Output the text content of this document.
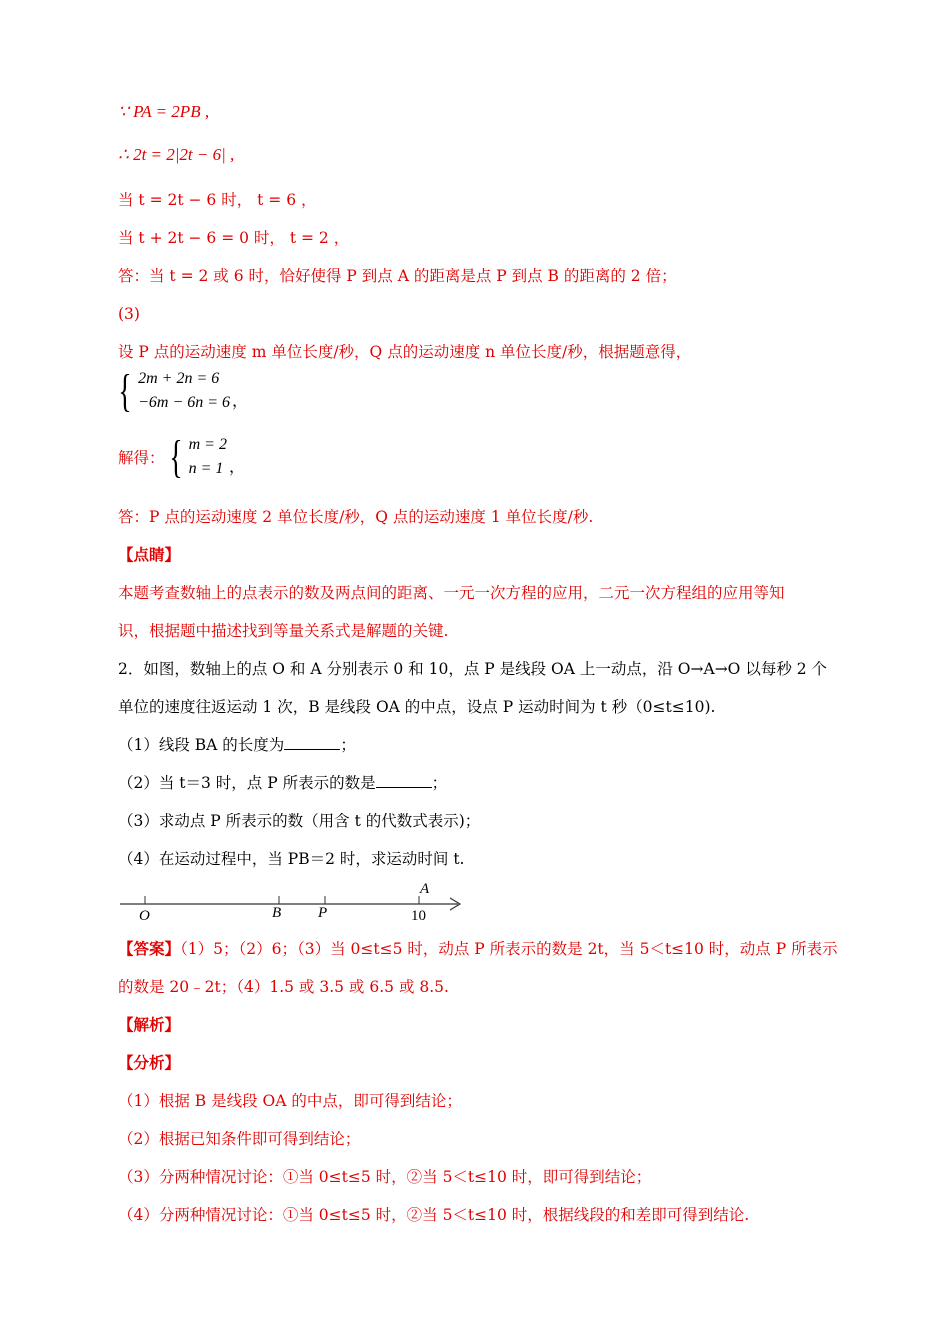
∵ PA = 2PB ,
∴ 2t = 2|2t − 6| ,
当 t = 2t − 6 时， t = 6 ，
当 t + 2t − 6 = 0 时， t = 2 ，
答：当 t = 2 或 6 时，恰好使得 P 到点 A 的距离是点 P 到点 B 的距离的 2 倍；
(3)
设 P 点的运动速度 m 单位长度/秒，Q 点的运动速度 n 单位长度/秒，根据题意得，
{ 2m + 2n = 6
−6m − 6n = 6 ，
解得： { m = 2
n = 1 ，
答：P 点的运动速度 2 单位长度/秒，Q 点的运动速度 1 单位长度/秒.
【点睛】
本题考查数轴上的点表示的数及两点间的距离、一元一次方程的应用，二元一次方程组的应用等知
识，根据题中描述找到等量关系式是解题的关键.
2．如图，数轴上的点 O 和 A 分别表示 0 和 10，点 P 是线段 OA 上一动点，沿 O→A→O 以每秒 2 个
单位的速度往返运动 1 次，B 是线段 OA 的中点，设点 P 运动时间为 t 秒（0≤t≤10).
（1）线段 BA 的长度为	；
（2）当 t＝3 时，点 P 所表示的数是	；
（3）求动点 P 所表示的数（用含 t 的代数式表示)；
（4）在运动过程中，当 PB＝2 时，求运动时间 t.
O	B P
A
10
【答案】（1）5；（2）6；（3）当 0≤t≤5 时，动点 P 所表示的数是 2t，当 5＜t≤10 时，动点 P 所表示
的数是 20﹣2t；（4）1.5 或 3.5 或 6.5 或 8.5.
【解析】
【分析】
（1）根据 B 是线段 OA 的中点，即可得到结论；
（2）根据已知条件即可得到结论；
（3）分两种情况讨论：①当 0≤t≤5 时，②当 5＜t≤10 时，即可得到结论；
（4）分两种情况讨论：①当 0≤t≤5 时，②当 5＜t≤10 时，根据线段的和差即可得到结论.
